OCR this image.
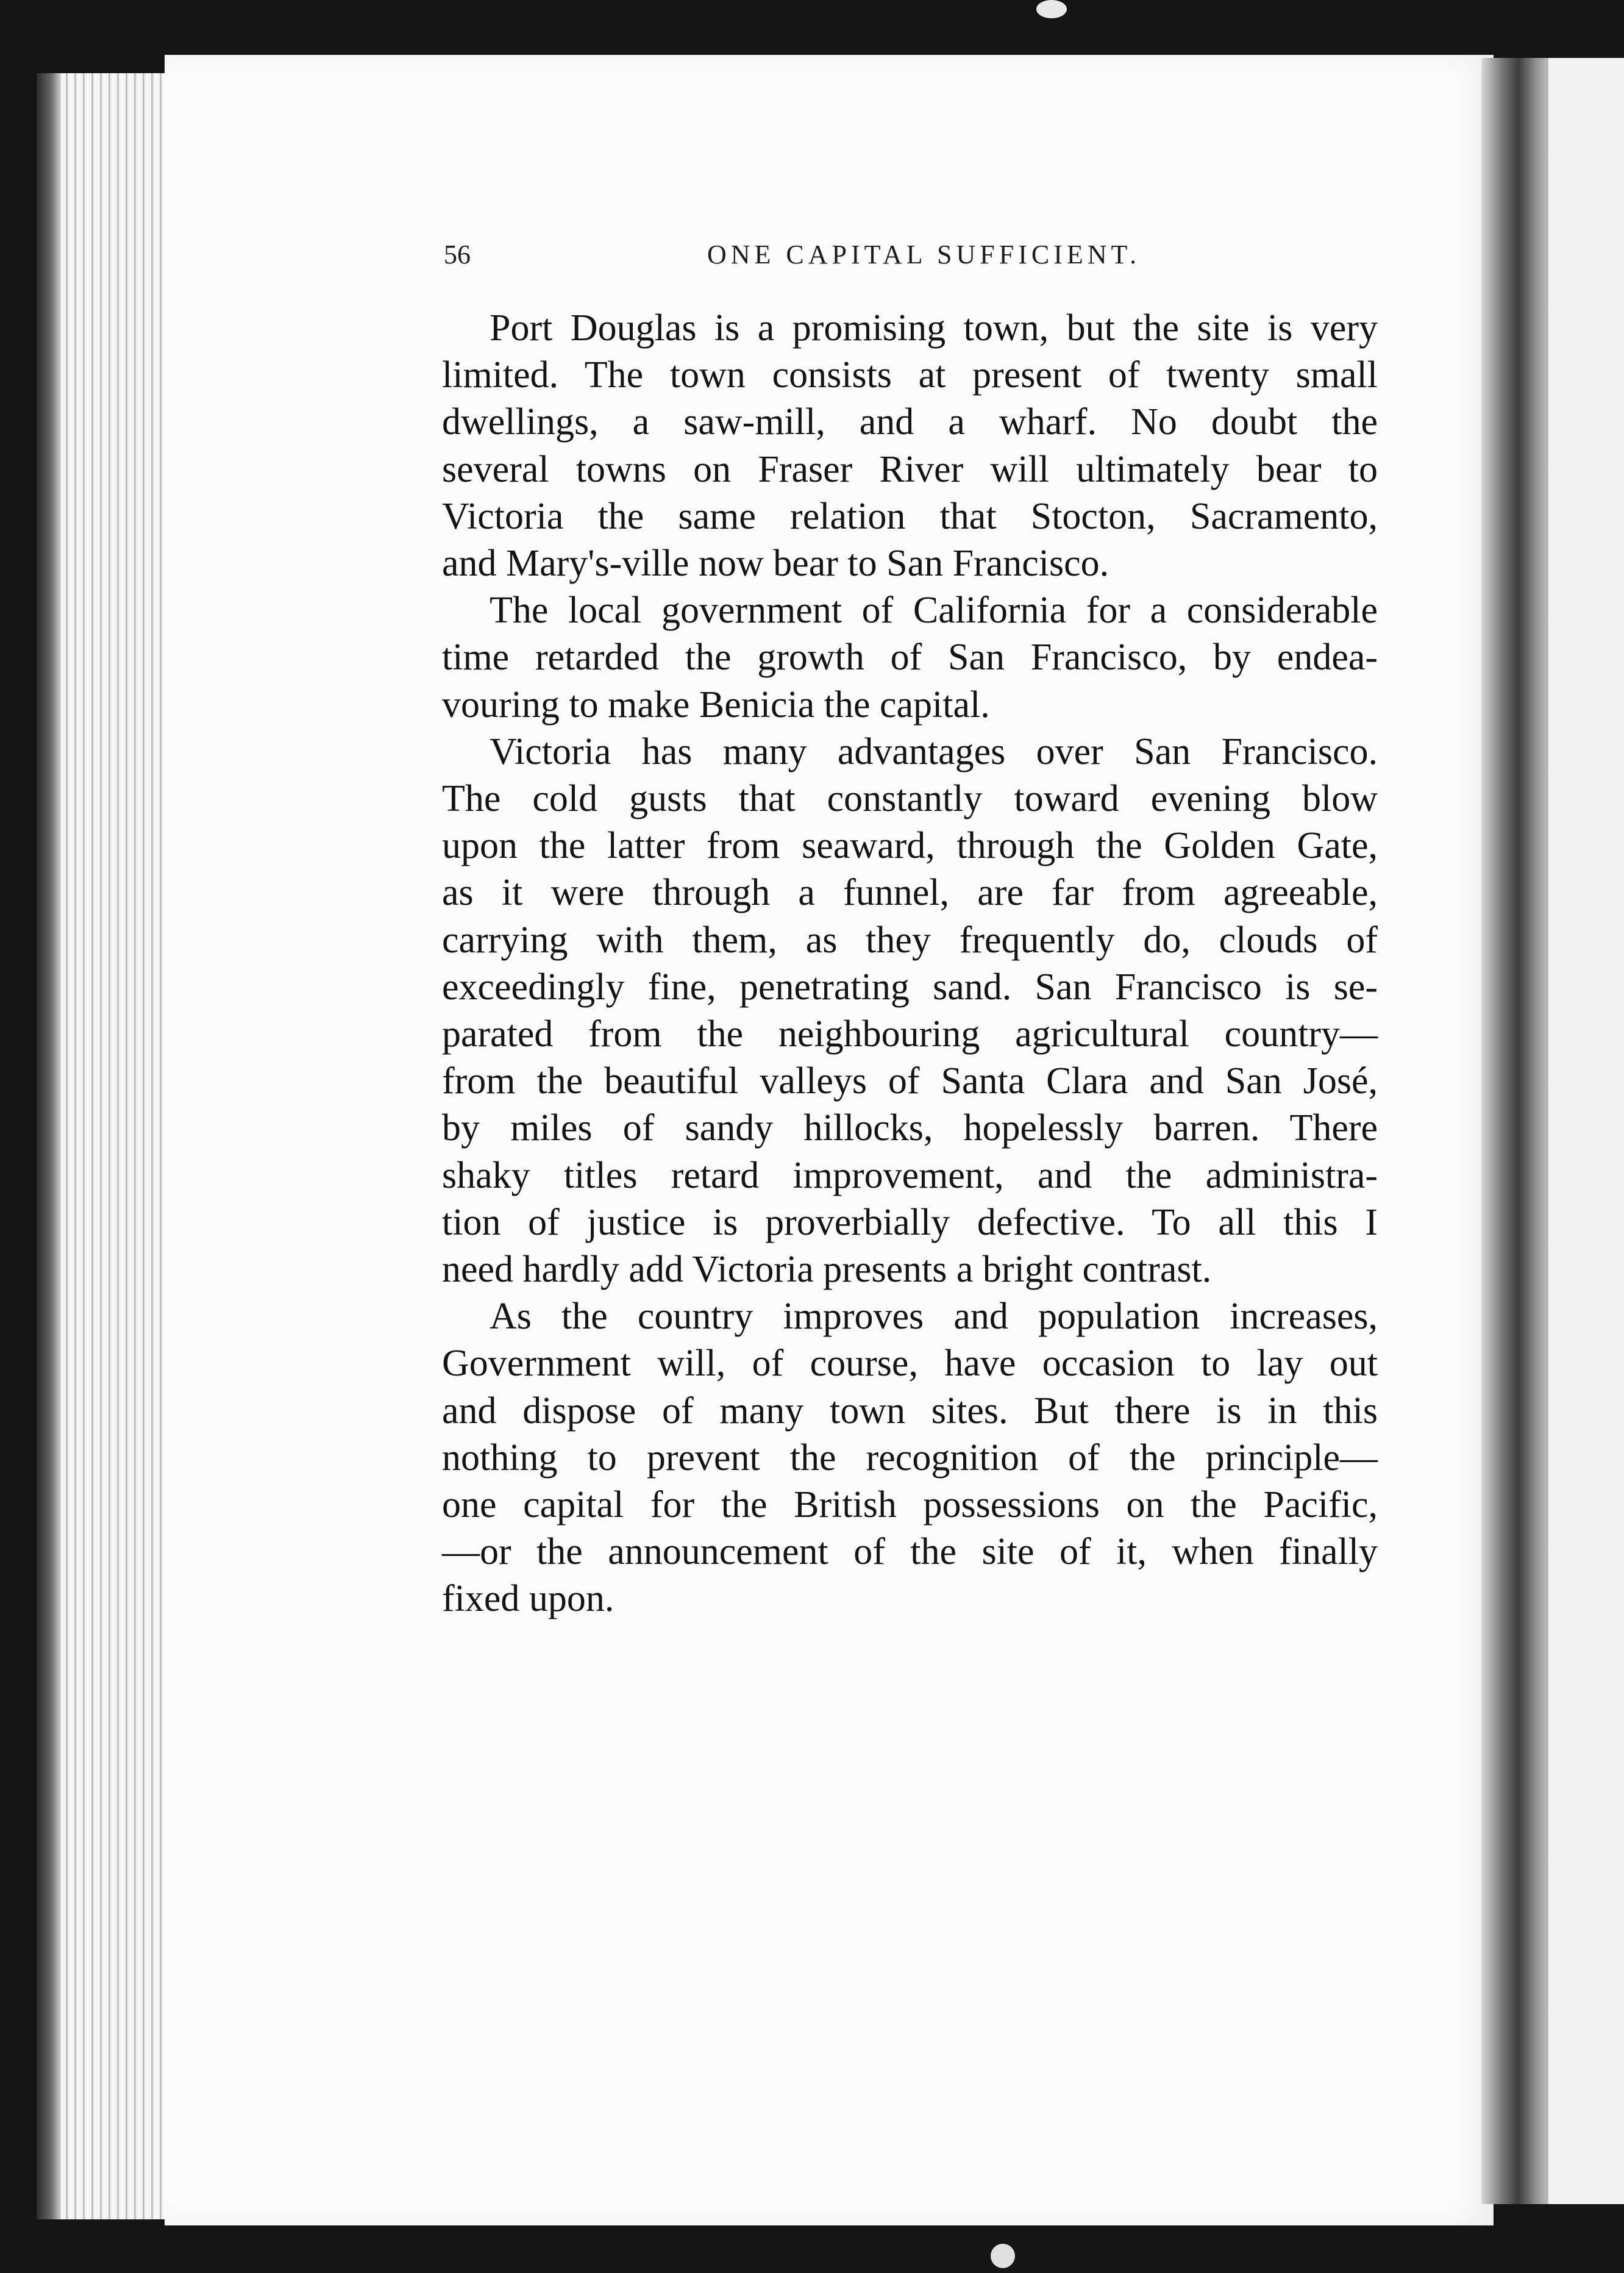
56	ONE CAPITAL SUFFICIENT.
Port Douglas is a promising town, but the site is very
limited. The town consists at present of twenty small
dwellings, a saw-mill, and a wharf. No doubt the
several towns on Fraser River will ultimately bear to
Victoria the same relation that Stocton, Sacramento,
and Mary's-ville now bear to San Francisco.
The local government of California for a considerable
time retarded the growth of San Francisco, by endea-
vouring to make Benicia the capital.
Victoria has many advantages over San Francisco.
The cold gusts that constantly toward evening blow
upon the latter from seaward, through the Golden Gate,
as it were through a funnel, are far from agreeable,
carrying with them, as they frequently do, clouds of
exceedingly fine, penetrating sand. San Francisco is se-
parated from the neighbouring agricultural country—
from the beautiful valleys of Santa Clara and San José,
by miles of sandy hillocks, hopelessly barren. There
shaky titles retard improvement, and the administra-
tion of justice is proverbially defective. To all this I
need hardly add Victoria presents a bright contrast.
As the country improves and population increases,
Government will, of course, have occasion to lay out
and dispose of many town sites. But there is in this
nothing to prevent the recognition of the principle—
one capital for the British possessions on the Pacific,
—or the announcement of the site of it, when finally
fixed upon.
